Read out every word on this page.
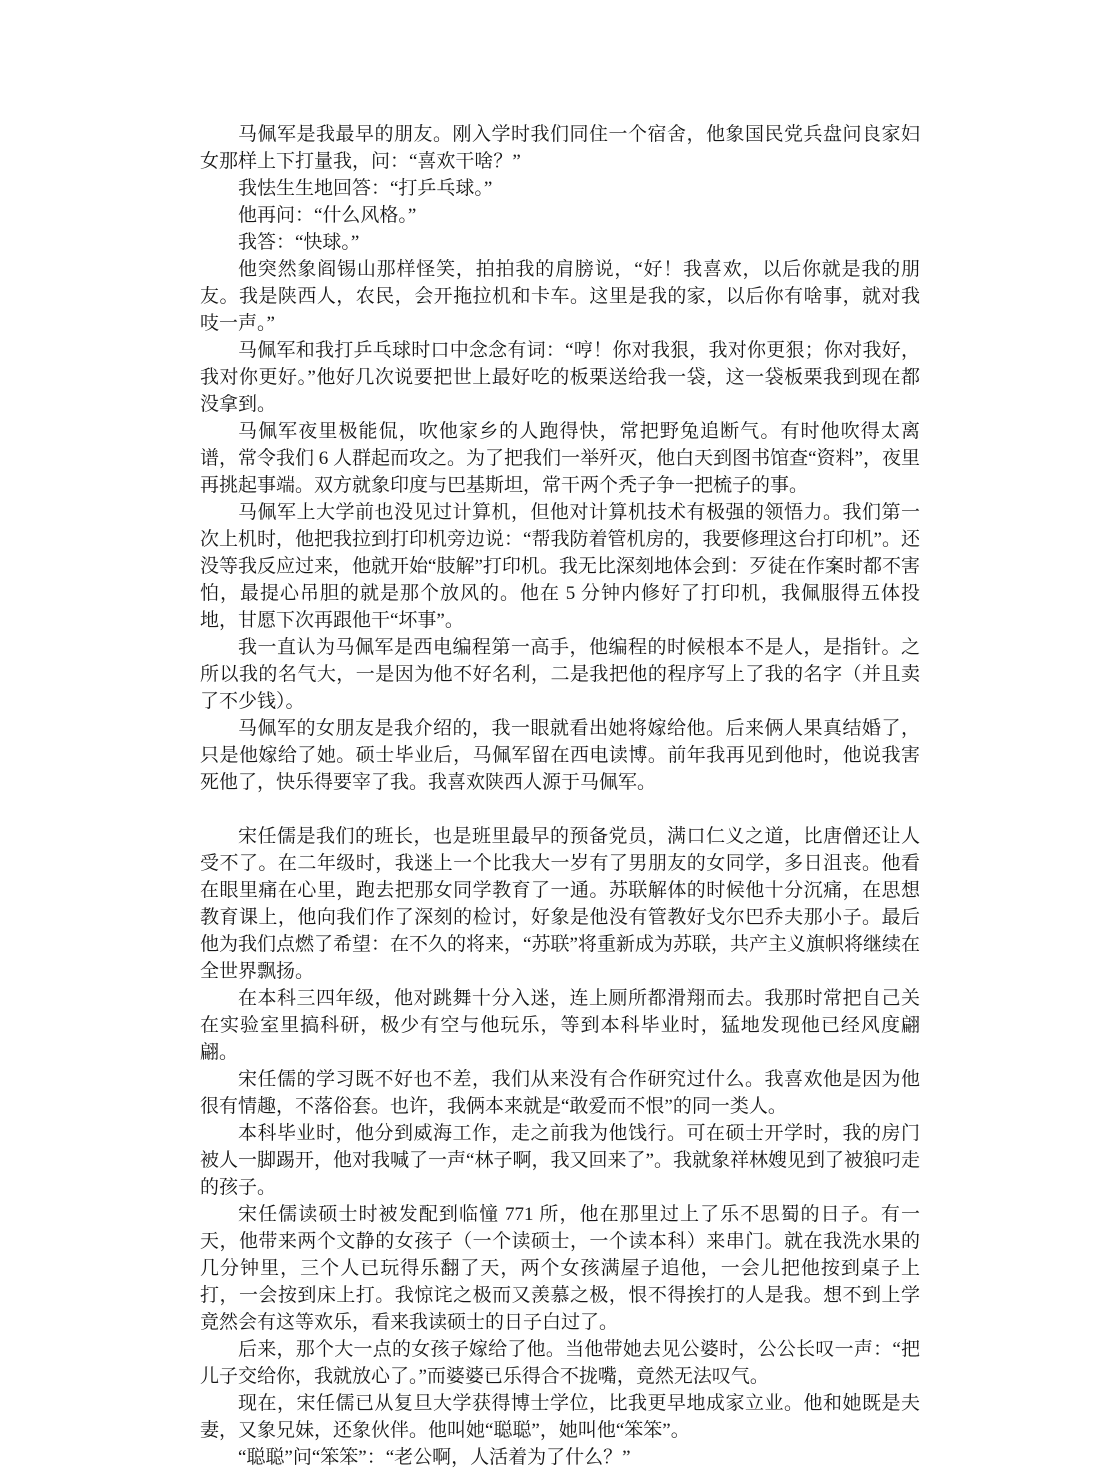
马佩军是我最早的朋友。刚入学时我们同住一个宿舍，他象国民党兵盘问良家妇女那样上下打量我，问：“喜欢干啥？”

我怯生生地回答：“打乒乓球。”

他再问：“什么风格。”

我答：“快球。”

他突然象阎锡山那样怪笑，拍拍我的肩膀说，“好！我喜欢，以后你就是我的朋友。我是陕西人，农民，会开拖拉机和卡车。这里是我的家，以后你有啥事，就对我吱一声。”

马佩军和我打乒乓球时口中念念有词：“哼！你对我狠，我对你更狠；你对我好，我对你更好。”他好几次说要把世上最好吃的板栗送给我一袋，这一袋板栗我到现在都没拿到。

马佩军夜里极能侃，吹他家乡的人跑得快，常把野兔追断气。有时他吹得太离谱，常令我们 6 人群起而攻之。为了把我们一举歼灭，他白天到图书馆查“资料”，夜里再挑起事端。双方就象印度与巴基斯坦，常干两个秃子争一把梳子的事。

马佩军上大学前也没见过计算机，但他对计算机技术有极强的领悟力。我们第一次上机时，他把我拉到打印机旁边说：“帮我防着管机房的，我要修理这台打印机”。还没等我反应过来，他就开始“肢解”打印机。我无比深刻地体会到：歹徒在作案时都不害怕，最提心吊胆的就是那个放风的。他在 5 分钟内修好了打印机，我佩服得五体投地，甘愿下次再跟他干“坏事”。

我一直认为马佩军是西电编程第一高手，他编程的时候根本不是人，是指针。之所以我的名气大，一是因为他不好名利，二是我把他的程序写上了我的名字（并且卖了不少钱）。

马佩军的女朋友是我介绍的，我一眼就看出她将嫁给他。后来俩人果真结婚了，只是他嫁给了她。硕士毕业后，马佩军留在西电读博。前年我再见到他时，他说我害死他了，快乐得要宰了我。我喜欢陕西人源于马佩军。

宋任儒是我们的班长，也是班里最早的预备党员，满口仁义之道，比唐僧还让人受不了。在二年级时，我迷上一个比我大一岁有了男朋友的女同学，多日沮丧。他看在眼里痛在心里，跑去把那女同学教育了一通。苏联解体的时候他十分沉痛，在思想教育课上，他向我们作了深刻的检讨，好象是他没有管教好戈尔巴乔夫那小子。最后他为我们点燃了希望：在不久的将来，“苏联”将重新成为苏联，共产主义旗帜将继续在全世界飘扬。

在本科三四年级，他对跳舞十分入迷，连上厕所都滑翔而去。我那时常把自己关在实验室里搞科研，极少有空与他玩乐，等到本科毕业时，猛地发现他已经风度翩翩。

宋任儒的学习既不好也不差，我们从来没有合作研究过什么。我喜欢他是因为他很有情趣，不落俗套。也许，我俩本来就是“敢爱而不恨”的同一类人。

本科毕业时，他分到威海工作，走之前我为他饯行。可在硕士开学时，我的房门被人一脚踢开，他对我喊了一声“林子啊，我又回来了”。我就象祥林嫂见到了被狼叼走的孩子。

宋任儒读硕士时被发配到临憧 771 所，他在那里过上了乐不思蜀的日子。有一天，他带来两个文静的女孩子（一个读硕士，一个读本科）来串门。就在我洗水果的几分钟里，三个人已玩得乐翻了天，两个女孩满屋子追他，一会儿把他按到桌子上打，一会按到床上打。我惊诧之极而又羡慕之极，恨不得挨打的人是我。想不到上学竟然会有这等欢乐，看来我读硕士的日子白过了。

后来，那个大一点的女孩子嫁给了他。当他带她去见公婆时，公公长叹一声：“把儿子交给你，我就放心了。”而婆婆已乐得合不拢嘴，竟然无法叹气。

现在，宋任儒已从复旦大学获得博士学位，比我更早地成家立业。他和她既是夫妻，又象兄妹，还象伙伴。他叫她“聪聪”，她叫他“笨笨”。

“聪聪”问“笨笨”：“老公啊，人活着为了什么？”
